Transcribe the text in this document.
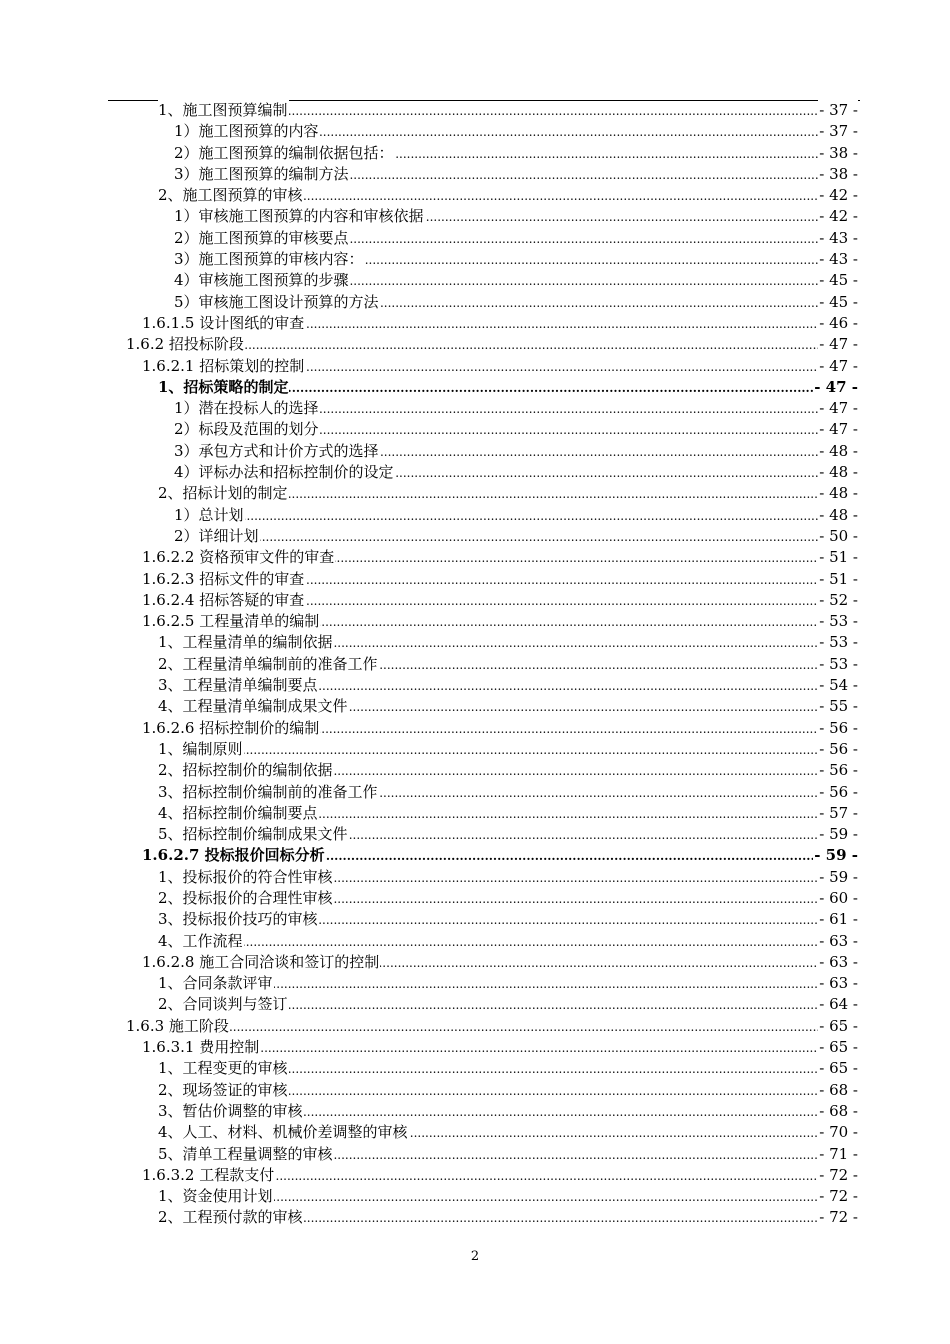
.....
1、施工图预算编制	- 37 -
.....
1）施工图预算的内容	- 37 -
.....
2）施工图预算的编制依据包括：	- 38 -
.....
3）施工图预算的编制方法	- 38 -
.....
2、施工图预算的审核	- 42 -
.....
1）审核施工图预算的内容和审核依据	- 42 -
.....
2）施工图预算的审核要点	- 43 -
.....
3）施工图预算的审核内容：	- 43 -
.....
4）审核施工图预算的步骤	- 45 -
.....
5）审核施工图设计预算的方法	- 45 -
.....
1.6.1.5 设计图纸的审查	- 46 -
.....
1.6.2 招投标阶段	- 47 -
.....
1.6.2.1 招标策划的控制	- 47 -
.....
1、招标策略的制定	- 47 -
.....
1）潜在投标人的选择	- 47 -
.....
2）标段及范围的划分	- 47 -
.....
3）承包方式和计价方式的选择	- 48 -
.....
4）评标办法和招标控制价的设定	- 48 -
.....
2、招标计划的制定	- 48 -
.....
1）总计划	- 48 -
.....
2）详细计划	- 50 -
.....
1.6.2.2 资格预审文件的审查	- 51 -
.....
1.6.2.3 招标文件的审查	- 51 -
.....
1.6.2.4 招标答疑的审查	- 52 -
.....
1.6.2.5 工程量清单的编制	- 53 -
.....
1、工程量清单的编制依据	- 53 -
.....
2、工程量清单编制前的准备工作	- 53 -
.....
3、工程量清单编制要点	- 54 -
.....
4、工程量清单编制成果文件	- 55 -
.....
1.6.2.6 招标控制价的编制	- 56 -
.....
1、编制原则	- 56 -
.....
2、招标控制价的编制依据	- 56 -
.....
3、招标控制价编制前的准备工作	- 56 -
.....
4、招标控制价编制要点	- 57 -
.....
5、招标控制价编制成果文件	- 59 -
.....
1.6.2.7 投标报价回标分析	- 59 -
.....
1、投标报价的符合性审核	- 59 -
.....
2、投标报价的合理性审核	- 60 -
.....
3、投标报价技巧的审核	- 61 -
.....
4、工作流程	- 63 -
.....
1.6.2.8 施工合同洽谈和签订的控制	- 63 -
.....
1、合同条款评审	- 63 -
.....
2、合同谈判与签订	- 64 -
.....
1.6.3 施工阶段	- 65 -
.....
1.6.3.1 费用控制	- 65 -
.....
1、工程变更的审核	- 65 -
.....
2、现场签证的审核	- 68 -
.....
3、暂估价调整的审核	- 68 -
.....
4、人工、材料、机械价差调整的审核	- 70 -
.....
5、清单工程量调整的审核	- 71 -
.....
1.6.3.2 工程款支付	- 72 -
.....
1、资金使用计划	- 72 -
.....
2、工程预付款的审核	- 72 -
2
